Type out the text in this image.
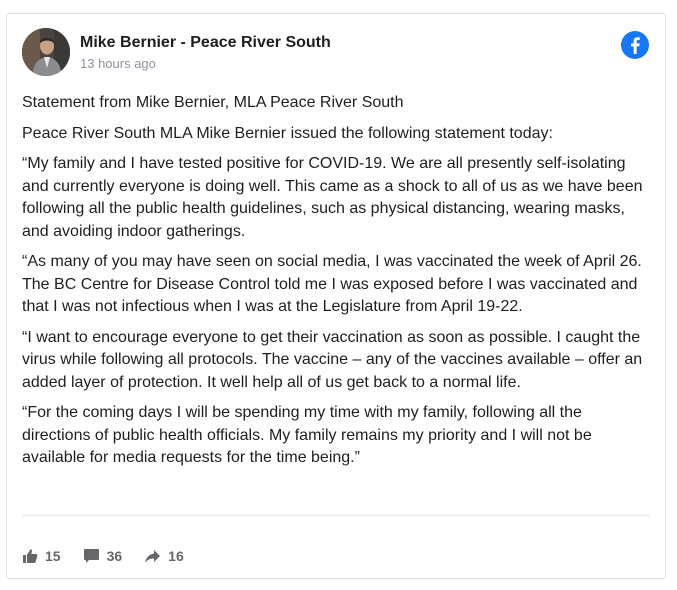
Mike Bernier - Peace River South
13 hours ago

Statement from Mike Bernier, MLA Peace River South

Peace River South MLA Mike Bernier issued the following statement today:

“My family and I have tested positive for COVID-19. We are all presently self-isolating and currently everyone is doing well. This came as a shock to all of us as we have been following all the public health guidelines, such as physical distancing, wearing masks, and avoiding indoor gatherings.

“As many of you may have seen on social media, I was vaccinated the week of April 26. The BC Centre for Disease Control told me I was exposed before I was vaccinated and that I was not infectious when I was at the Legislature from April 19-22.

“I want to encourage everyone to get their vaccination as soon as possible. I caught the virus while following all protocols. The vaccine – any of the vaccines available – offer an added layer of protection. It well help all of us get back to a normal life.

“For the coming days I will be spending my time with my family, following all the directions of public health officials. My family remains my priority and I will not be available for media requests for the time being.”

15	36	16
